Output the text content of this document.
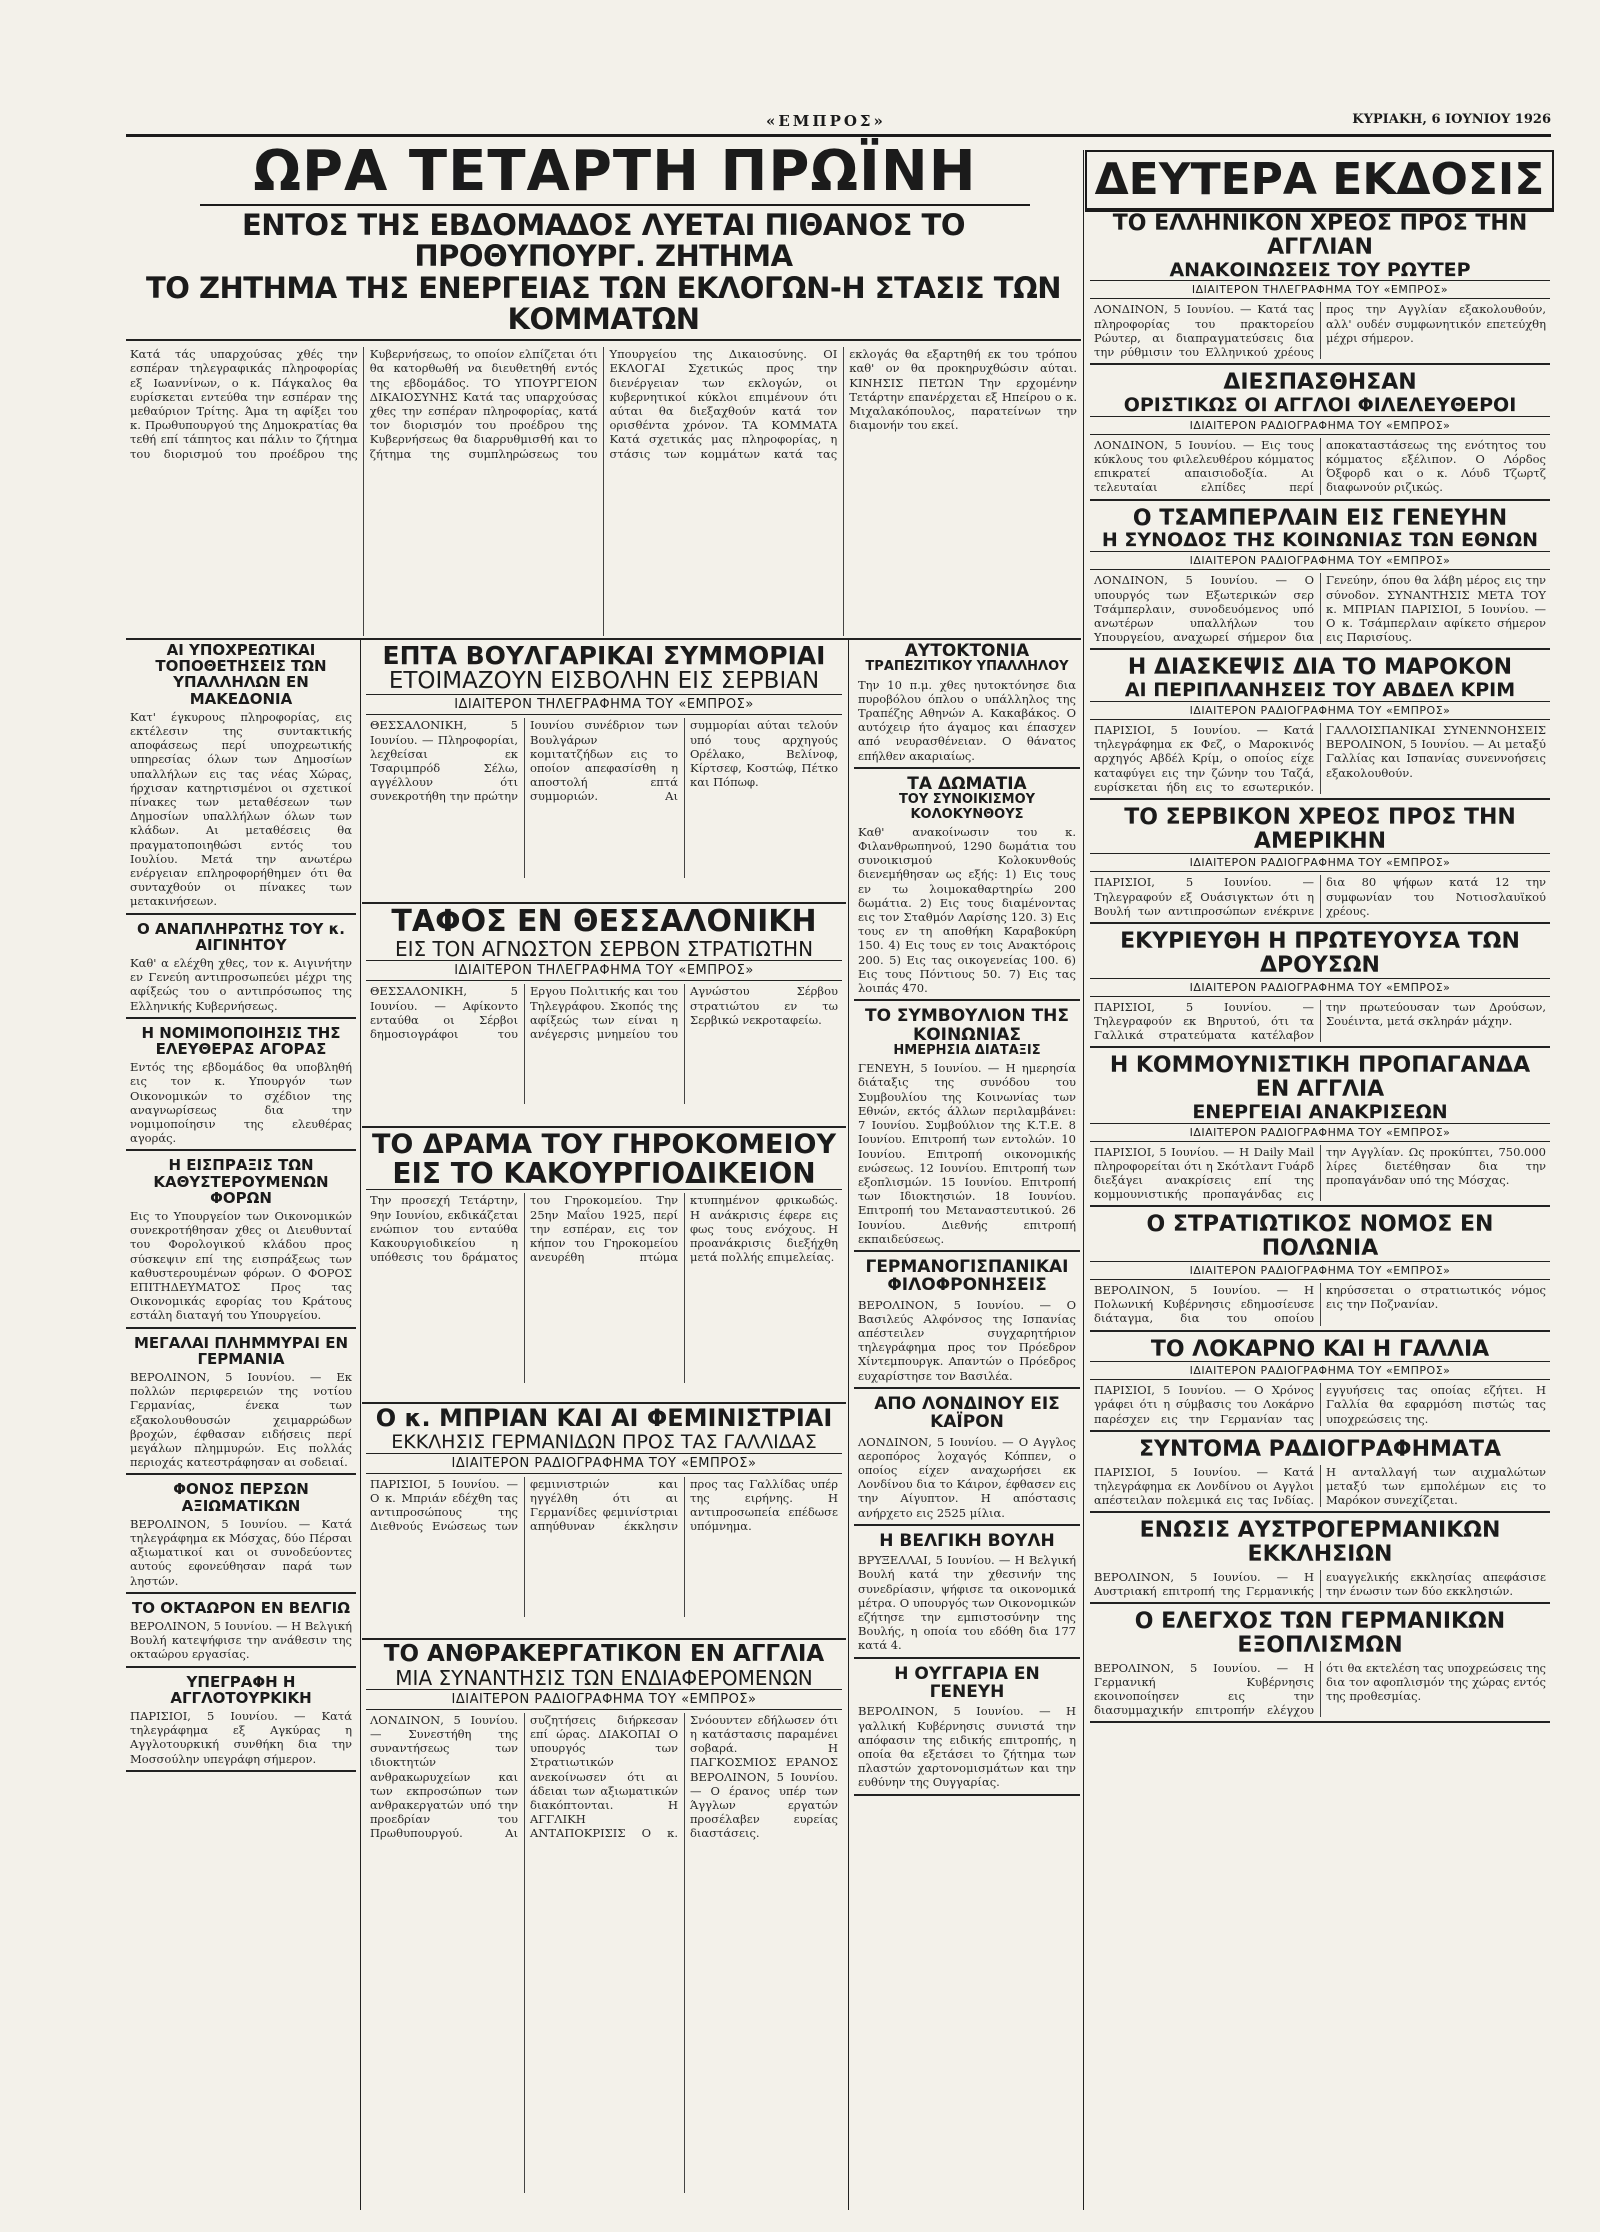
«ΕΜΠΡΟΣ»	ΚΥΡΙΑΚΗ, 6 ΙΟΥΝΙΟΥ 1926
ΩΡΑ ΤΕΤΑΡΤΗ ΠΡΩΪΝΗ	ΔΕΥΤΕΡΑ ΕΚΔΟΣΙΣ
ΕΝΤΟΣ ΤΗΣ ΕΒΔΟΜΑΔΟΣ ΛΥΕΤΑΙ ΠΙΘΑΝΟΣ ΤΟ ΠΡΟΘΥΠΟΥΡΓ. ΖΗΤΗΜΑ
ΤΟ ΖΗΤΗΜΑ ΤΗΣ ΕΝΕΡΓΕΙΑΣ ΤΩΝ ΕΚΛΟΓΩΝ-Η ΣΤΑΣΙΣ ΤΩΝ ΚΟΜΜΑΤΩΝ
Κατά τάς υπαρχούσας χθές την εσπέραν τηλεγραφικάς πληροφορίας εξ Ιωαννίνων, ο κ. Πάγκαλος θα ευρίσκεται εντεύθα την εσπέραν της μεθαύριον Τρίτης. Άμα τη αφίξει του κ. Πρωθυπουργού της Δημοκρατίας θα τεθή επί τάπητος και πάλιν το ζήτημα του διορισμού του προέδρου της Κυβερνήσεως, το οποίον ελπίζεται ότι θα κατορθωθή να διευθετηθή εντός της εβδομάδος. ΤΟ ΥΠΟΥΡΓΕΙΟΝ ΔΙΚΑΙΟΣΥΝΗΣ Κατά τας υπαρχούσας χθες την εσπέραν πληροφορίας, κατά τον διορισμόν του προέδρου της Κυβερνήσεως θα διαρρυθμισθή και το ζήτημα της συμπληρώσεως του Υπουργείου της Δικαιοσύνης. ΟΙ ΕΚΛΟΓΑΙ Σχετικώς προς την διενέργειαν των εκλογών, οι κυβερνητικοί κύκλοι επιμένουν ότι αύται θα διεξαχθούν κατά τον ορισθέντα χρόνον. ΤΑ ΚΟΜΜΑΤΑ Κατά σχετικάς μας πληροφορίας, η στάσις των κομμάτων κατά τας εκλογάς θα εξαρτηθή εκ του τρόπου καθ' ον θα προκηρυχθώσιν αύται. ΚΙΝΗΣΙΣ ΠΕΤΩΝ Την ερχομένην Τετάρτην επανέρχεται εξ Ηπείρου ο κ. Μιχαλακόπουλος, παρατείνων την διαμονήν του εκεί.
ΑΙ ΥΠΟΧΡΕΩΤΙΚΑΙ ΤΟΠΟΘΕΤΗΣΕΙΣ ΤΩΝ ΥΠΑΛΛΗΛΩΝ ΕΝ ΜΑΚΕΔΟΝΙΑ
Κατ' έγκυρους πληροφορίας, εις εκτέλεσιν της συντακτικής αποφάσεως περί υποχρεωτικής υπηρεσίας όλων των Δημοσίων υπαλλήλων εις τας νέας Χώρας, ήρχισαν κατηρτισμένοι οι σχετικοί πίνακες των μεταθέσεων των Δημοσίων υπαλλήλων όλων των κλάδων. Αι μεταθέσεις θα πραγματοποιηθώσι εντός του Ιουλίου. Μετά την ανωτέρω ενέργειαν επληροφορήθημεν ότι θα συνταχθούν οι πίνακες των μετακινήσεων.
Ο ΑΝΑΠΛΗΡΩΤΗΣ ΤΟΥ κ. ΑΙΓΙΝΗΤΟΥ
Καθ' α ελέχθη χθες, τον κ. Αιγινήτην εν Γενεύη αντιπροσωπεύει μέχρι της αφίξεώς του ο αντιπρόσωπος της Ελληνικής Κυβερνήσεως.
Η ΝΟΜΙΜΟΠΟΙΗΣΙΣ ΤΗΣ ΕΛΕΥΘΕΡΑΣ ΑΓΟΡΑΣ
Εντός της εβδομάδος θα υποβληθή εις τον κ. Υπουργόν των Οικονομικών το σχέδιον της αναγνωρίσεως δια την νομιμοποίησιν της ελευθέρας αγοράς.
Η ΕΙΣΠΡΑΞΙΣ ΤΩΝ ΚΑΘΥΣΤΕΡΟΥΜΕΝΩΝ ΦΟΡΩΝ
Εις το Υπουργείον των Οικονομικών συνεκροτήθησαν χθες οι Διευθυνταί του Φορολογικού κλάδου προς σύσκεψιν επί της εισπράξεως των καθυστερουμένων φόρων. Ο ΦΟΡΟΣ ΕΠΙΤΗΔΕΥΜΑΤΟΣ Προς τας Οικονομικάς εφορίας του Κράτους εστάλη διαταγή του Υπουργείου.
ΜΕΓΑΛΑΙ ΠΛΗΜΜΥΡΑΙ ΕΝ ΓΕΡΜΑΝΙΑ
ΒΕΡΟΛΙΝΟΝ, 5 Ιουνίου. — Εκ πολλών περιφερειών της νοτίου Γερμανίας, ένεκα των εξακολουθουσών χειμαρρώδων βροχών, έφθασαν ειδήσεις περί μεγάλων πλημμυρών. Εις πολλάς περιοχάς κατεστράφησαν αι σοδειαί.
ΦΟΝΟΣ ΠΕΡΣΩΝ ΑΞΙΩΜΑΤΙΚΩΝ
ΒΕΡΟΛΙΝΟΝ, 5 Ιουνίου. — Κατά τηλεγράφημα εκ Μόσχας, δύο Πέρσαι αξιωματικοί και οι συνοδεύοντες αυτούς εφονεύθησαν παρά των ληστών.
ΤΟ ΟΚΤΑΩΡΟΝ ΕΝ ΒΕΛΓΙΩ
ΒΕΡΟΛΙΝΟΝ, 5 Ιουνίου. — Η Βελγική Βουλή κατεψήφισε την ανάθεσιν της οκταώρου εργασίας.
ΥΠΕΓΡΑΦΗ Η ΑΓΓΛΟΤΟΥΡΚΙΚΗ
ΠΑΡΙΣΙΟΙ, 5 Ιουνίου. — Κατά τηλεγράφημα εξ Αγκύρας η Αγγλοτουρκική συνθήκη δια την Μοσσούλην υπεγράφη σήμερον.
ΕΠΤΑ ΒΟΥΛΓΑΡΙΚΑΙ ΣΥΜΜΟΡΙΑΙ
ΕΤΟΙΜΑΖΟΥΝ ΕΙΣΒΟΛΗΝ ΕΙΣ ΣΕΡΒΙΑΝ
ΙΔΙΑΙΤΕΡΟΝ ΤΗΛΕΓΡΑΦΗΜΑ ΤΟΥ «ΕΜΠΡΟΣ»
ΘΕΣΣΑΛΟΝΙΚΗ, 5 Ιουνίου. — Πληροφορίαι, λεχθείσαι εκ Τσαριμπρόδ Σέλω, αγγέλλουν ότι συνεκροτήθη την πρώτην Ιουνίου συνέδριον των Βουλγάρων κομιτατζήδων εις το οποίον απεφασίσθη η αποστολή επτά συμμοριών. Αι συμμορίαι αύται τελούν υπό τους αρχηγούς Ορέλακο, Βελίνοφ, Κίρτσεφ, Κοστώφ, Πέτκο και Πόπωφ.
ΤΑΦΟΣ ΕΝ ΘΕΣΣΑΛΟΝΙΚΗ
ΕΙΣ ΤΟΝ ΑΓΝΩΣΤΟΝ ΣΕΡΒΟΝ ΣΤΡΑΤΙΩΤΗΝ
ΙΔΙΑΙΤΕΡΟΝ ΤΗΛΕΓΡΑΦΗΜΑ ΤΟΥ «ΕΜΠΡΟΣ»
ΘΕΣΣΑΛΟΝΙΚΗ, 5 Ιουνίου. — Αφίκοντο ενταύθα οι Σέρβοι δημοσιογράφοι του Εργου Πολιτικής και του Τηλεγράφου. Σκοπός της αφίξεώς των είναι η ανέγερσις μνημείου του Αγνώστου Σέρβου στρατιώτου εν τω Σερβικώ νεκροταφείω.
ΤΟ ΔΡΑΜΑ ΤΟΥ ΓΗΡΟΚΟΜΕΙΟΥ
ΕΙΣ ΤΟ ΚΑΚΟΥΡΓΙΟΔΙΚΕΙΟΝ
Την προσεχή Τετάρτην, 9ην Ιουνίου, εκδικάζεται ενώπιον του ενταύθα Κακουργιοδικείου η υπόθεσις του δράματος του Γηροκομείου. Την 25ην Μαΐου 1925, περί την εσπέραν, εις τον κήπον του Γηροκομείου ανευρέθη πτώμα κτυπημένον φρικωδώς. Η ανάκρισις έφερε εις φως τους ενόχους. Η προανάκρισις διεξήχθη μετά πολλής επιμελείας.
Ο κ. ΜΠΡΙΑΝ ΚΑΙ ΑΙ ΦΕΜΙΝΙΣΤΡΙΑΙ
ΕΚΚΛΗΣΙΣ ΓΕΡΜΑΝΙΔΩΝ ΠΡΟΣ ΤΑΣ ΓΑΛΛΙΔΑΣ
ΙΔΙΑΙΤΕΡΟΝ ΡΑΔΙΟΓΡΑΦΗΜΑ ΤΟΥ «ΕΜΠΡΟΣ»
ΠΑΡΙΣΙΟΙ, 5 Ιουνίου. — Ο κ. Μπριάν εδέχθη τας αντιπροσώπους της Διεθνούς Ενώσεως των φεμινιστριών και ηγγέλθη ότι αι Γερμανίδες φεμινίστριαι απηύθυναν έκκλησιν προς τας Γαλλίδας υπέρ της ειρήνης. Η αντιπροσωπεία επέδωσε υπόμνημα.
ΤΟ ΑΝΘΡΑΚΕΡΓΑΤΙΚΟΝ ΕΝ ΑΓΓΛΙΑ
ΜΙΑ ΣΥΝΑΝΤΗΣΙΣ ΤΩΝ ΕΝΔΙΑΦΕΡΟΜΕΝΩΝ
ΙΔΙΑΙΤΕΡΟΝ ΡΑΔΙΟΓΡΑΦΗΜΑ ΤΟΥ «ΕΜΠΡΟΣ»
ΛΟΝΔΙΝΟΝ, 5 Ιουνίου. — Συνεστήθη της συναντήσεως των ιδιοκτητών ανθρακωρυχείων και των εκπροσώπων των ανθρακεργατών υπό την προεδρίαν του Πρωθυπουργού. Αι συζητήσεις διήρκεσαν επί ώρας. ΔΙΑΚΟΠΑΙ Ο υπουργός των Στρατιωτικών ανεκοίνωσεν ότι αι άδειαι των αξιωματικών διακόπτονται. Η ΑΓΓΛΙΚΗ ΑΝΤΑΠΟΚΡΙΣΙΣ Ο κ. Σνόουντεν εδήλωσεν ότι η κατάστασις παραμένει σοβαρά. Η ΠΑΓΚΟΣΜΙΟΣ ΕΡΑΝΟΣ ΒΕΡΟΛΙΝΟΝ, 5 Ιουνίου. — Ο έρανος υπέρ των Άγγλων εργατών προσέλαβεν ευρείας διαστάσεις.
ΑΥΤΟΚΤΟΝΙΑ
ΤΡΑΠΕΖΙΤΙΚΟΥ ΥΠΑΛΛΗΛΟΥ
Την 10 π.μ. χθες ηυτοκτόνησε δια πυροβόλου όπλου ο υπάλληλος της Τραπέζης Αθηνών Α. Κακαβάκος. Ο αυτόχειρ ήτο άγαμος και έπασχεν από νευρασθένειαν. Ο θάνατος επήλθεν ακαριαίως.
ΤΑ ΔΩΜΑΤΙΑ
ΤΟΥ ΣΥΝΟΙΚΙΣΜΟΥ ΚΟΛΟΚΥΝΘΟΥΣ
Καθ' ανακοίνωσιν του κ. Φιλανθρωπηνού, 1290 δωμάτια του συνοικισμού Κολοκυνθούς διενεμήθησαν ως εξής: 1) Εις τους εν τω λοιμοκαθαρτηρίω 200 δωμάτια. 2) Εις τους διαμένοντας εις τον Σταθμόν Λαρίσης 120. 3) Εις τους εν τη αποθήκη Καραβοκύρη 150. 4) Εις τους εν τοις Ανακτόροις 200. 5) Εις τας οικογενείας 100. 6) Εις τους Πόντιους 50. 7) Εις τας λοιπάς 470.
ΤΟ ΣΥΜΒΟΥΛΙΟΝ ΤΗΣ ΚΟΙΝΩΝΙΑΣ
ΗΜΕΡΗΣΙΑ ΔΙΑΤΑΞΙΣ
ΓΕΝΕΥΗ, 5 Ιουνίου. — Η ημερησία διάταξις της συνόδου του Συμβουλίου της Κοινωνίας των Εθνών, εκτός άλλων περιλαμβάνει: 7 Ιουνίου. Συμβούλιον της Κ.Τ.Ε. 8 Ιουνίου. Επιτροπή των εντολών. 10 Ιουνίου. Επιτροπή οικονομικής ενώσεως. 12 Ιουνίου. Επιτροπή των εξοπλισμών. 15 Ιουνίου. Επιτροπή των Ιδιοκτησιών. 18 Ιουνίου. Επιτροπή του Μεταναστευτικού. 26 Ιουνίου. Διεθνής επιτροπή εκπαιδεύσεως.
ΓΕΡΜΑΝΟΓΙΣΠΑΝΙΚΑΙ ΦΙΛΟΦΡΟΝΗΣΕΙΣ
ΒΕΡΟΛΙΝΟΝ, 5 Ιουνίου. — Ο Βασιλεύς Αλφόνσος της Ισπανίας απέστειλεν συγχαρητήριον τηλεγράφημα προς τον Πρόεδρον Χίντεμπουργκ. Απαντών ο Πρόεδρος ευχαρίστησε τον Βασιλέα.
ΑΠΟ ΛΟΝΔΙΝΟΥ ΕΙΣ ΚΑΪΡΟΝ
ΛΟΝΔΙΝΟΝ, 5 Ιουνίου. — Ο Αγγλος αεροπόρος λοχαγός Κόππεν, ο οποίος είχεν αναχωρήσει εκ Λονδίνου δια το Κάιρον, έφθασεν εις την Αίγυπτον. Η απόστασις ανήρχετο εις 2525 μίλια.
Η ΒΕΛΓΙΚΗ ΒΟΥΛΗ
ΒΡΥΞΕΛΛΑΙ, 5 Ιουνίου. — Η Βελγική Βουλή κατά την χθεσινήν της συνεδρίασιν, ψήφισε τα οικονομικά μέτρα. Ο υπουργός των Οικονομικών εζήτησε την εμπιστοσύνην της Βουλής, η οποία του εδόθη δια 177 κατά 4.
Η ΟΥΓΓΑΡΙΑ ΕΝ ΓΕΝΕΥΗ
ΒΕΡΟΛΙΝΟΝ, 5 Ιουνίου. — Η γαλλική Κυβέρνησις συνιστά την απόφασιν της ειδικής επιτροπής, η οποία θα εξετάσει το ζήτημα των πλαστών χαρτονομισμάτων και την ευθύνην της Ουγγαρίας.
ΤΟ ΕΛΛΗΝΙΚΟΝ ΧΡΕΟΣ ΠΡΟΣ ΤΗΝ ΑΓΓΛΙΑΝ
ΑΝΑΚΟΙΝΩΣΕΙΣ ΤΟΥ ΡΩΥΤΕΡ
ΙΔΙΑΙΤΕΡΟΝ ΤΗΛΕΓΡΑΦΗΜΑ ΤΟΥ «ΕΜΠΡΟΣ»
ΛΟΝΔΙΝΟΝ, 5 Ιουνίου. — Κατά τας πληροφορίας του πρακτορείου Ρώυτερ, αι διαπραγματεύσεις δια την ρύθμισιν του Ελληνικού χρέους προς την Αγγλίαν εξακολουθούν, αλλ' ουδέν συμφωνητικόν επετεύχθη μέχρι σήμερον.
ΔΙΕΣΠΑΣΘΗΣΑΝ
ΟΡΙΣΤΙΚΩΣ ΟΙ ΑΓΓΛΟΙ ΦΙΛΕΛΕΥΘΕΡΟΙ
ΙΔΙΑΙΤΕΡΟΝ ΡΑΔΙΟΓΡΑΦΗΜΑ ΤΟΥ «ΕΜΠΡΟΣ»
ΛΟΝΔΙΝΟΝ, 5 Ιουνίου. — Εις τους κύκλους του φιλελευθέρου κόμματος επικρατεί απαισιοδοξία. Αι τελευταίαι ελπίδες περί αποκαταστάσεως της ενότητος του κόμματος εξέλιπον. Ο Λόρδος Όξφορδ και ο κ. Λόυδ Τζωρτζ διαφωνούν ριζικώς.
Ο ΤΣΑΜΠΕΡΛΑΙΝ ΕΙΣ ΓΕΝΕΥΗΝ
Η ΣΥΝΟΔΟΣ ΤΗΣ ΚΟΙΝΩΝΙΑΣ ΤΩΝ ΕΘΝΩΝ
ΙΔΙΑΙΤΕΡΟΝ ΡΑΔΙΟΓΡΑΦΗΜΑ ΤΟΥ «ΕΜΠΡΟΣ»
ΛΟΝΔΙΝΟΝ, 5 Ιουνίου. — Ο υπουργός των Εξωτερικών σερ Τσάμπερλαιν, συνοδευόμενος υπό ανωτέρων υπαλλήλων του Υπουργείου, αναχωρεί σήμερον δια Γενεύην, όπου θα λάβη μέρος εις την σύνοδον. ΣΥΝΑΝΤΗΣΙΣ ΜΕΤΑ ΤΟΥ κ. ΜΠΡΙΑΝ ΠΑΡΙΣΙΟΙ, 5 Ιουνίου. — Ο κ. Τσάμπερλαιν αφίκετο σήμερον εις Παρισίους.
Η ΔΙΑΣΚΕΨΙΣ ΔΙΑ ΤΟ ΜΑΡΟΚΟΝ
ΑΙ ΠΕΡΙΠΛΑΝΗΣΕΙΣ ΤΟΥ ΑΒΔΕΛ ΚΡΙΜ
ΙΔΙΑΙΤΕΡΟΝ ΡΑΔΙΟΓΡΑΦΗΜΑ ΤΟΥ «ΕΜΠΡΟΣ»
ΠΑΡΙΣΙΟΙ, 5 Ιουνίου. — Κατά τηλεγράφημα εκ Φεζ, ο Μαροκινός αρχηγός Αβδέλ Κρίμ, ο οποίος είχε καταφύγει εις την ζώνην του Ταζά, ευρίσκεται ήδη εις το εσωτερικόν. ΓΑΛΛΟΙΣΠΑΝΙΚΑΙ ΣΥΝΕΝΝΟΗΣΕΙΣ ΒΕΡΟΛΙΝΟΝ, 5 Ιουνίου. — Αι μεταξύ Γαλλίας και Ισπανίας συνεννοήσεις εξακολουθούν.
ΤΟ ΣΕΡΒΙΚΟΝ ΧΡΕΟΣ ΠΡΟΣ ΤΗΝ ΑΜΕΡΙΚΗΝ
ΙΔΙΑΙΤΕΡΟΝ ΡΑΔΙΟΓΡΑΦΗΜΑ ΤΟΥ «ΕΜΠΡΟΣ»
ΠΑΡΙΣΙΟΙ, 5 Ιουνίου. — Τηλεγραφούν εξ Ουάσιγκτων ότι η Βουλή των αντιπροσώπων ενέκρινε δια 80 ψήφων κατά 12 την συμφωνίαν του Νοτιοσλαυϊκού χρέους.
ΕΚΥΡΙΕΥΘΗ Η ΠΡΩΤΕΥΟΥΣΑ ΤΩΝ ΔΡΟΥΣΩΝ
ΙΔΙΑΙΤΕΡΟΝ ΡΑΔΙΟΓΡΑΦΗΜΑ ΤΟΥ «ΕΜΠΡΟΣ»
ΠΑΡΙΣΙΟΙ, 5 Ιουνίου. — Τηλεγραφούν εκ Βηρυτού, ότι τα Γαλλικά στρατεύματα κατέλαβον την πρωτεύουσαν των Δρούσων, Σουέιντα, μετά σκληράν μάχην.
Η ΚΟΜΜΟΥΝΙΣΤΙΚΗ ΠΡΟΠΑΓΑΝΔΑ ΕΝ ΑΓΓΛΙΑ
ΕΝΕΡΓΕΙΑΙ ΑΝΑΚΡΙΣΕΩΝ
ΙΔΙΑΙΤΕΡΟΝ ΡΑΔΙΟΓΡΑΦΗΜΑ ΤΟΥ «ΕΜΠΡΟΣ»
ΠΑΡΙΣΙΟΙ, 5 Ιουνίου. — Η Daily Mail πληροφορείται ότι η Σκότλαντ Γυάρδ διεξάγει ανακρίσεις επί της κομμουνιστικής προπαγάνδας εις την Αγγλίαν. Ως προκύπτει, 750.000 λίρες διετέθησαν δια την προπαγάνδαν υπό της Μόσχας.
Ο ΣΤΡΑΤΙΩΤΙΚΟΣ ΝΟΜΟΣ ΕΝ ΠΟΛΩΝΙΑ
ΙΔΙΑΙΤΕΡΟΝ ΡΑΔΙΟΓΡΑΦΗΜΑ ΤΟΥ «ΕΜΠΡΟΣ»
ΒΕΡΟΛΙΝΟΝ, 5 Ιουνίου. — Η Πολωνική Κυβέρνησις εδημοσίευσε διάταγμα, δια του οποίου κηρύσσεται ο στρατιωτικός νόμος εις την Ποζνανίαν.
ΤΟ ΛΟΚΑΡΝΟ ΚΑΙ Η ΓΑΛΛΙΑ
ΙΔΙΑΙΤΕΡΟΝ ΡΑΔΙΟΓΡΑΦΗΜΑ ΤΟΥ «ΕΜΠΡΟΣ»
ΠΑΡΙΣΙΟΙ, 5 Ιουνίου. — Ο Χρόνος γράφει ότι η σύμβασις του Λοκάρνο παρέσχεν εις την Γερμανίαν τας εγγυήσεις τας οποίας εζήτει. Η Γαλλία θα εφαρμόση πιστώς τας υποχρεώσεις της.
ΣΥΝΤΟΜΑ ΡΑΔΙΟΓΡΑΦΗΜΑΤΑ
ΠΑΡΙΣΙΟΙ, 5 Ιουνίου. — Κατά τηλεγράφημα εκ Λονδίνου οι Αγγλοι απέστειλαν πολεμικά εις τας Ινδίας. Η ανταλλαγή των αιχμαλώτων μεταξύ των εμπολέμων εις το Μαρόκον συνεχίζεται.
ΕΝΩΣΙΣ ΑΥΣΤΡΟΓΕΡΜΑΝΙΚΩΝ ΕΚΚΛΗΣΙΩΝ
ΒΕΡΟΛΙΝΟΝ, 5 Ιουνίου. — Η Αυστριακή επιτροπή της Γερμανικής ευαγγελικής εκκλησίας απεφάσισε την ένωσιν των δύο εκκλησιών.
Ο ΕΛΕΓΧΟΣ ΤΩΝ ΓΕΡΜΑΝΙΚΩΝ ΕΞΟΠΛΙΣΜΩΝ
ΒΕΡΟΛΙΝΟΝ, 5 Ιουνίου. — Η Γερμανική Κυβέρνησις εκοινοποίησεν εις την διασυμμαχικήν επιτροπήν ελέγχου ότι θα εκτελέση τας υποχρεώσεις της δια τον αφοπλισμόν της χώρας εντός της προθεσμίας.
